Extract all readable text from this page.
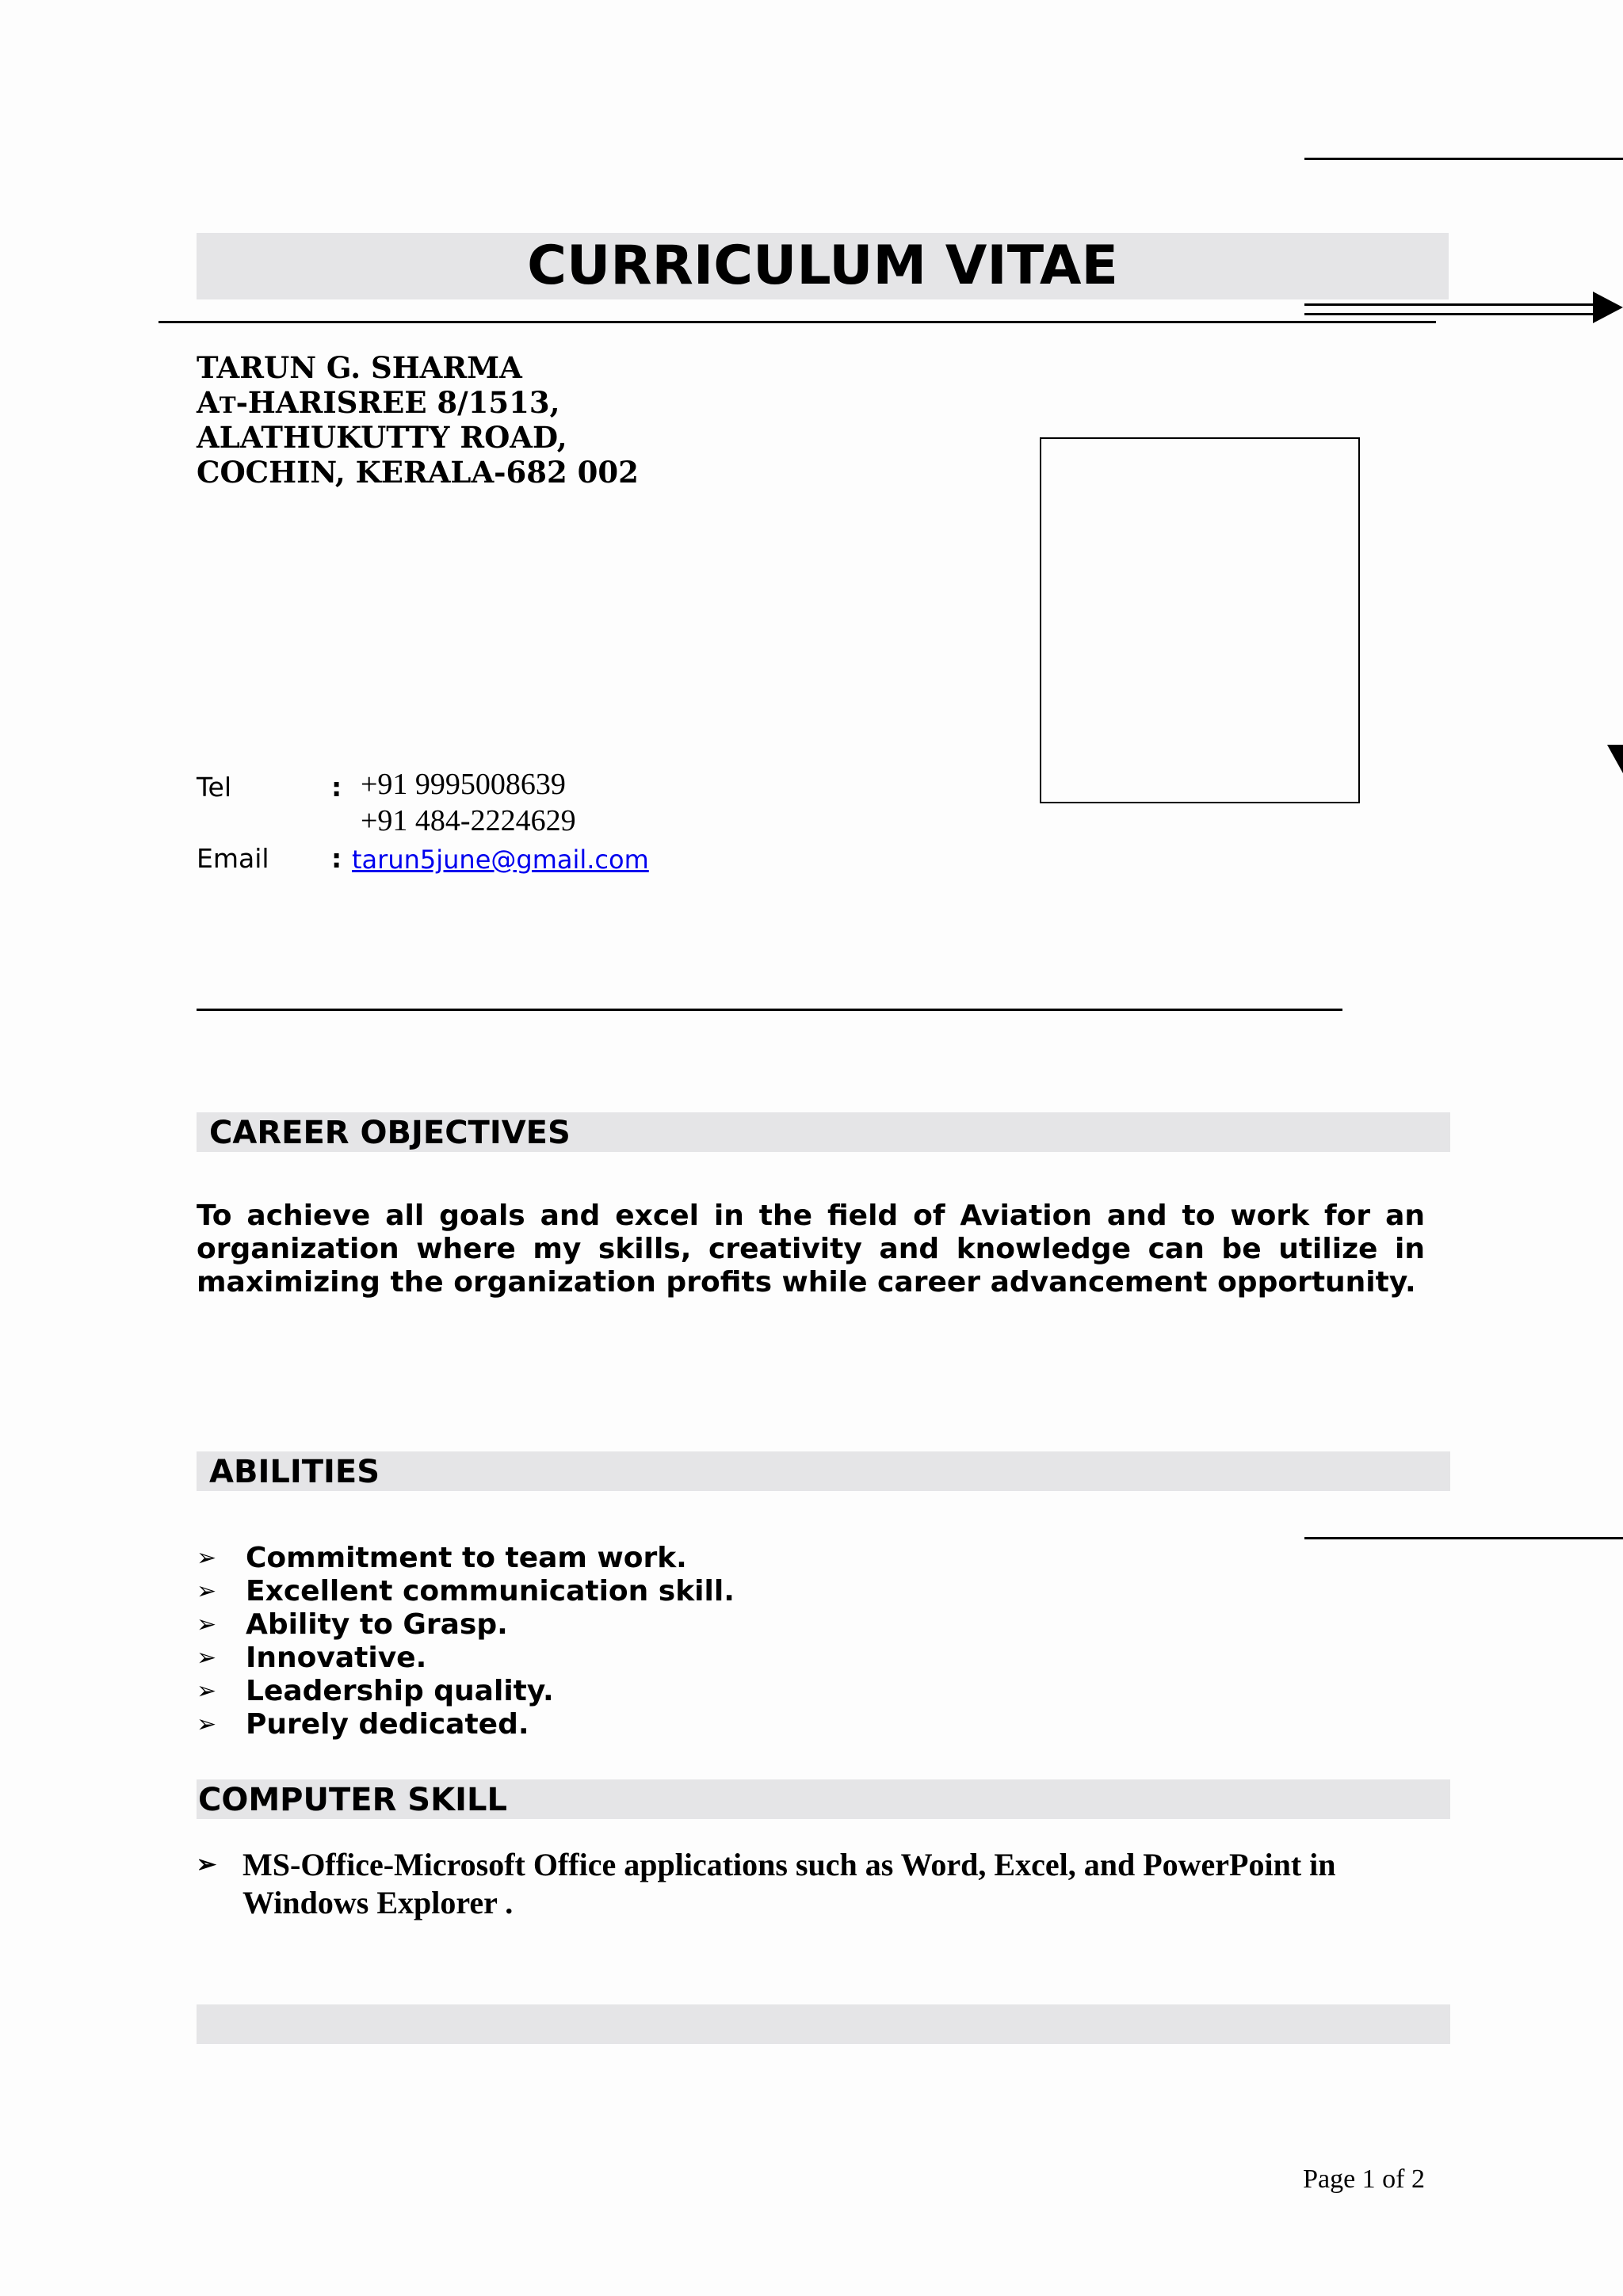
CURRICULUM VITAE
TARUN G. SHARMA
AT-HARISREE 8/1513,
ALATHUKUTTY ROAD,
COCHIN, KERALA-682 002
Tel	: +91 9995008639
+91 484-2224629
Email : tarun5june@gmail.com
CAREER OBJECTIVES
To achieve all goals and excel in the field of Aviation and to work for an organization where my skills, creativity and knowledge can be utilize in maximizing the organization profits while career advancement opportunity.
ABILITIES
➢ Commitment to team work.
➢ Excellent communication skill.
➢ Ability to Grasp.
➢ Innovative.
➢ Leadership quality.
➢ Purely dedicated.
COMPUTER SKILL
➢ MS-Office-Microsoft Office applications such as Word, Excel, and PowerPoint in Windows Explorer .
Page 1 of 2
